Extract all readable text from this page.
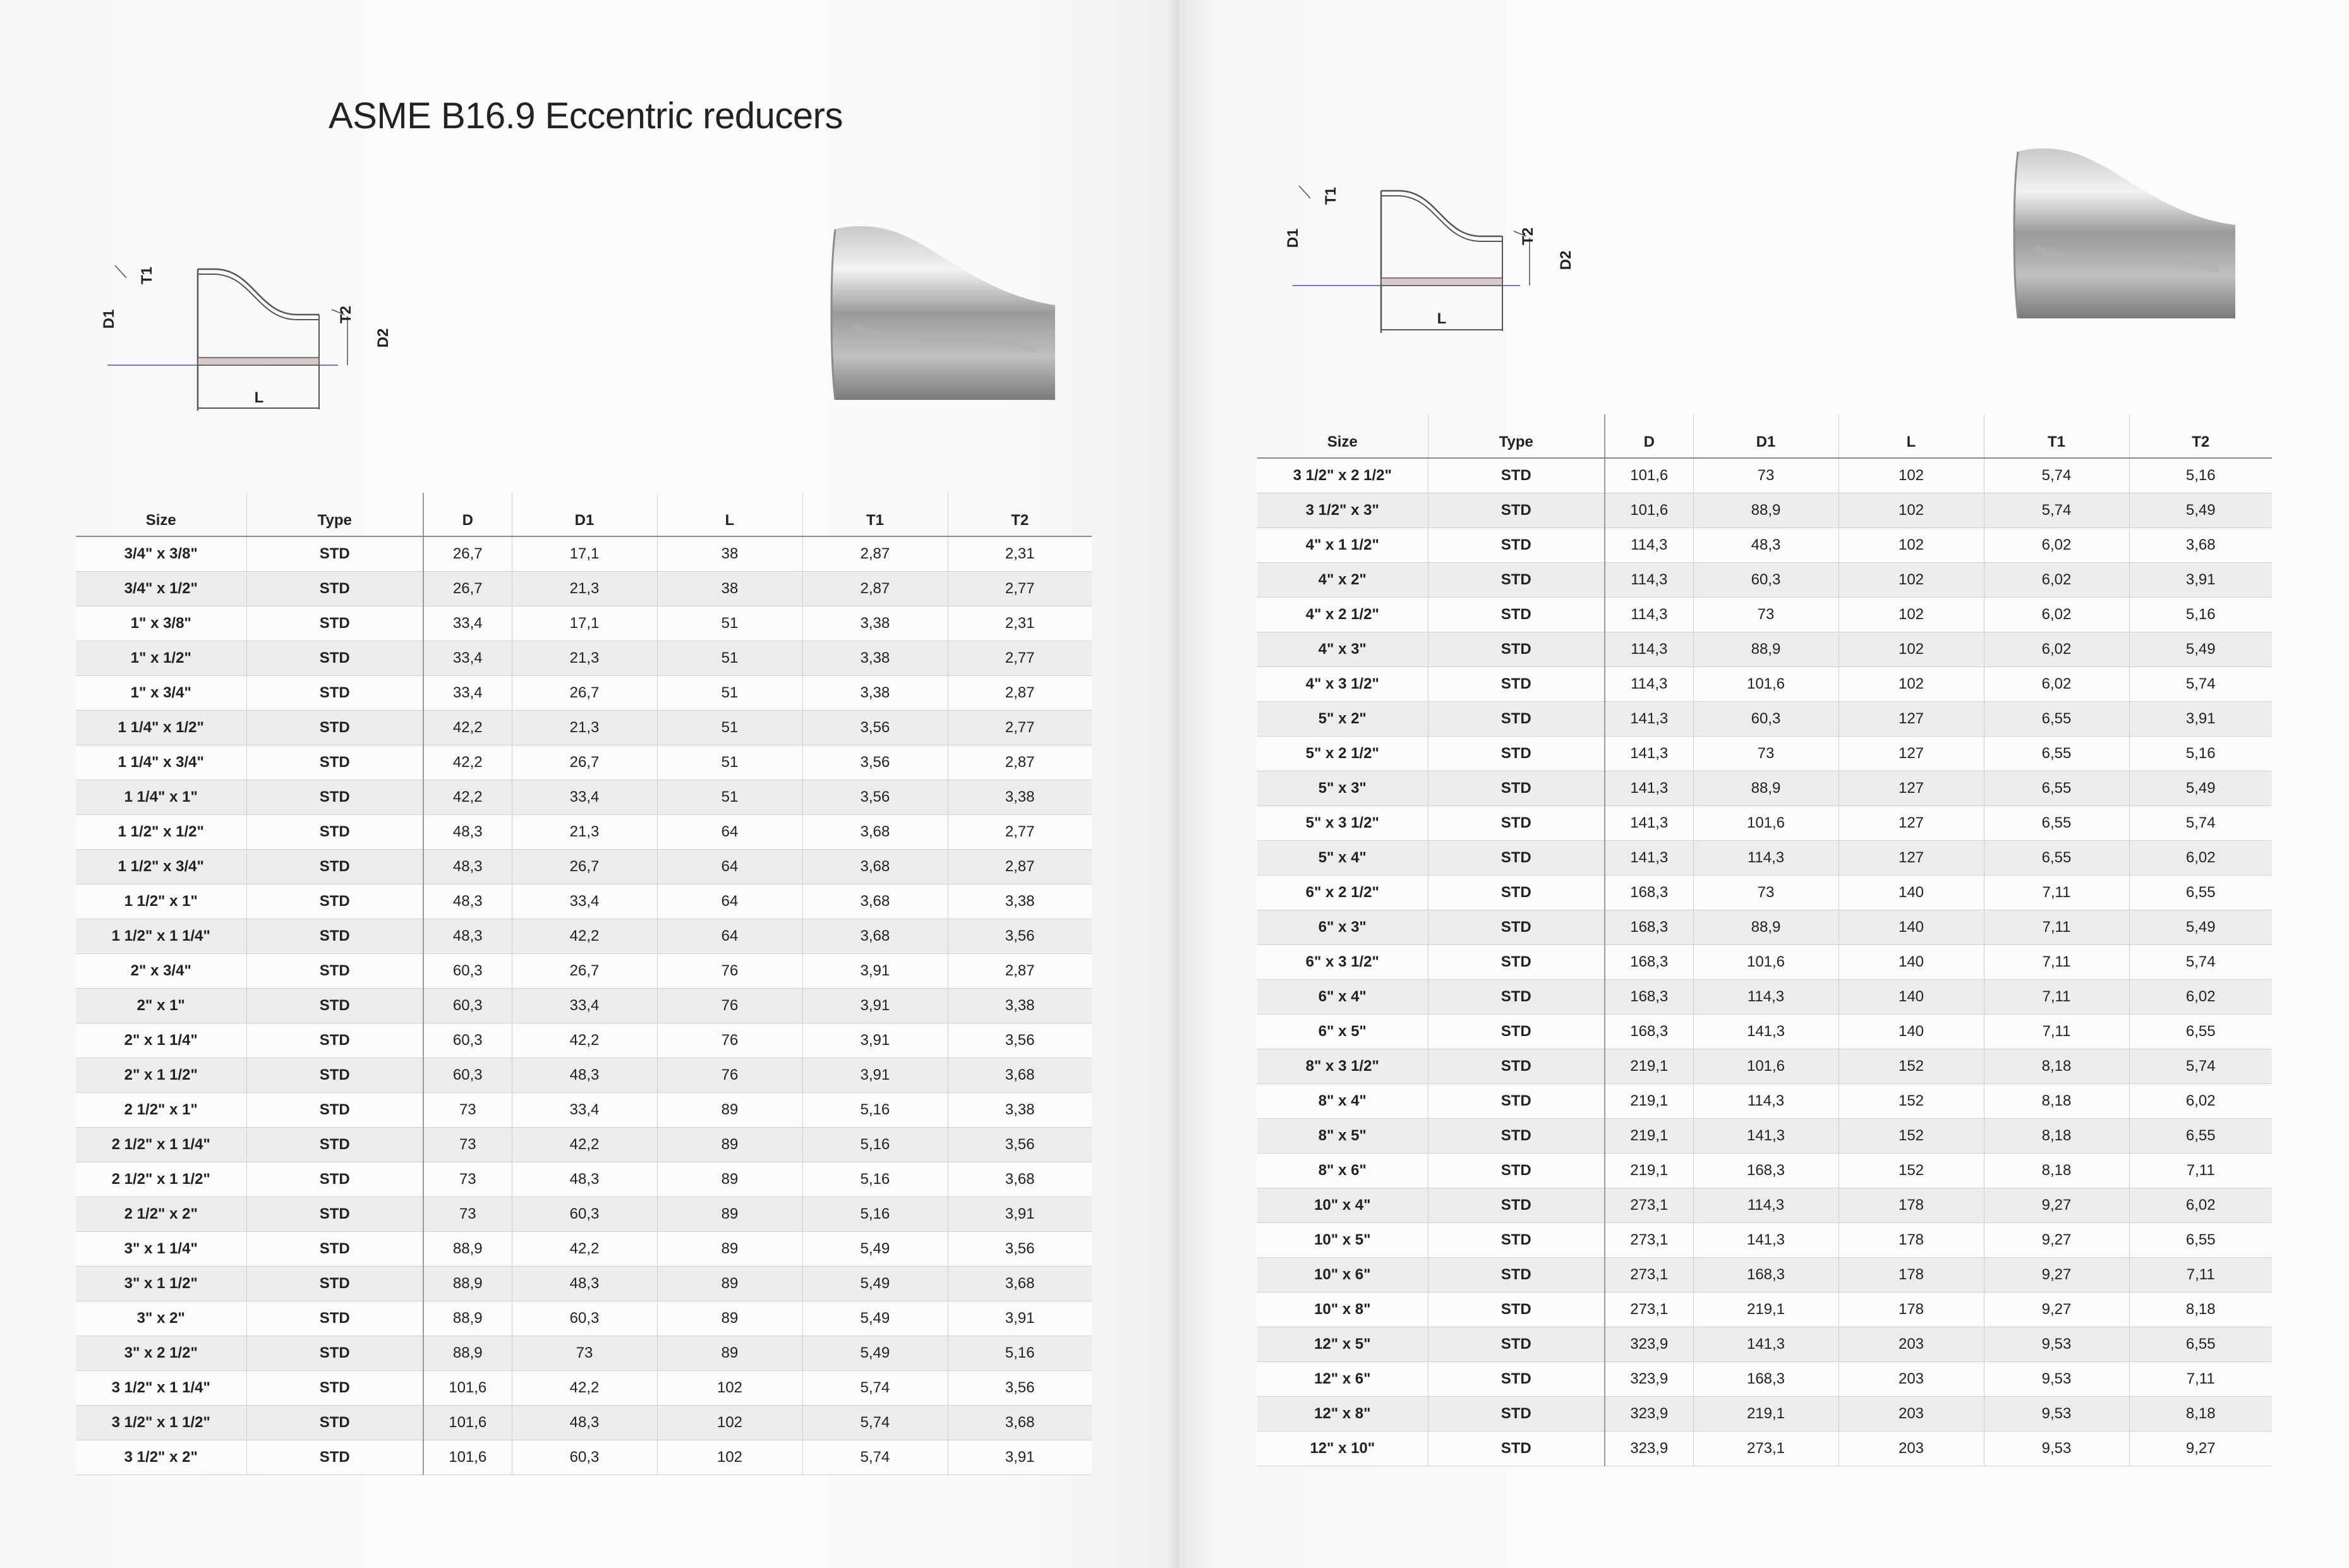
ASME B16.9 Eccentric reducers
T1
D1	T2
D2
L
Size	Type	D	D1	L	T1	T2
3/4" x 3/8"	STD	26,7	17,1	38	2,87	2,31
3/4" x 1/2"	STD	26,7	21,3	38	2,87	2,77
1" x 3/8"	STD	33,4	17,1	51	3,38	2,31
1" x 1/2"	STD	33,4	21,3	51	3,38	2,77
1" x 3/4"	STD	33,4	26,7	51	3,38	2,87
1 1/4" x 1/2"	STD	42,2	21,3	51	3,56	2,77
1 1/4" x 3/4"	STD	42,2	26,7	51	3,56	2,87
1 1/4" x 1"	STD	42,2	33,4	51	3,56	3,38
1 1/2" x 1/2"	STD	48,3	21,3	64	3,68	2,77
1 1/2" x 3/4"	STD	48,3	26,7	64	3,68	2,87
1 1/2" x 1"	STD	48,3	33,4	64	3,68	3,38
1 1/2" x 1 1/4"	STD	48,3	42,2	64	3,68	3,56
2" x 3/4"	STD	60,3	26,7	76	3,91	2,87
2" x 1"	STD	60,3	33,4	76	3,91	3,38
2" x 1 1/4"	STD	60,3	42,2	76	3,91	3,56
2" x 1 1/2"	STD	60,3	48,3	76	3,91	3,68
2 1/2" x 1"	STD	73	33,4	89	5,16	3,38
2 1/2" x 1 1/4"	STD	73	42,2	89	5,16	3,56
2 1/2" x 1 1/2"	STD	73	48,3	89	5,16	3,68
2 1/2" x 2"	STD	73	60,3	89	5,16	3,91
3" x 1 1/4"	STD	88,9	42,2	89	5,49	3,56
3" x 1 1/2"	STD	88,9	48,3	89	5,49	3,68
3" x 2"	STD	88,9	60,3	89	5,49	3,91
3" x 2 1/2"	STD	88,9	73	89	5,49	5,16
3 1/2" x 1 1/4"	STD	101,6	42,2	102	5,74	3,56
3 1/2" x 1 1/2"	STD	101,6	48,3	102	5,74	3,68
3 1/2" x 2"	STD	101,6	60,3	102	5,74	3,91
T1
D1	T2
D2
L
Size	Type	D	D1	L	T1	T2
3 1/2" x 2 1/2"	STD	101,6	73	102	5,74	5,16
3 1/2" x 3"	STD	101,6	88,9	102	5,74	5,49
4" x 1 1/2"	STD	114,3	48,3	102	6,02	3,68
4" x 2"	STD	114,3	60,3	102	6,02	3,91
4" x 2 1/2"	STD	114,3	73	102	6,02	5,16
4" x 3"	STD	114,3	88,9	102	6,02	5,49
4" x 3 1/2"	STD	114,3	101,6	102	6,02	5,74
5" x 2"	STD	141,3	60,3	127	6,55	3,91
5" x 2 1/2"	STD	141,3	73	127	6,55	5,16
5" x 3"	STD	141,3	88,9	127	6,55	5,49
5" x 3 1/2"	STD	141,3	101,6	127	6,55	5,74
5" x 4"	STD	141,3	114,3	127	6,55	6,02
6" x 2 1/2"	STD	168,3	73	140	7,11	6,55
6" x 3"	STD	168,3	88,9	140	7,11	5,49
6" x 3 1/2"	STD	168,3	101,6	140	7,11	5,74
6" x 4"	STD	168,3	114,3	140	7,11	6,02
6" x 5"	STD	168,3	141,3	140	7,11	6,55
8" x 3 1/2"	STD	219,1	101,6	152	8,18	5,74
8" x 4"	STD	219,1	114,3	152	8,18	6,02
8" x 5"	STD	219,1	141,3	152	8,18	6,55
8" x 6"	STD	219,1	168,3	152	8,18	7,11
10" x 4"	STD	273,1	114,3	178	9,27	6,02
10" x 5"	STD	273,1	141,3	178	9,27	6,55
10" x 6"	STD	273,1	168,3	178	9,27	7,11
10" x 8"	STD	273,1	219,1	178	9,27	8,18
12" x 5"	STD	323,9	141,3	203	9,53	6,55
12" x 6"	STD	323,9	168,3	203	9,53	7,11
12" x 8"	STD	323,9	219,1	203	9,53	8,18
12" x 10"	STD	323,9	273,1	203	9,53	9,27
